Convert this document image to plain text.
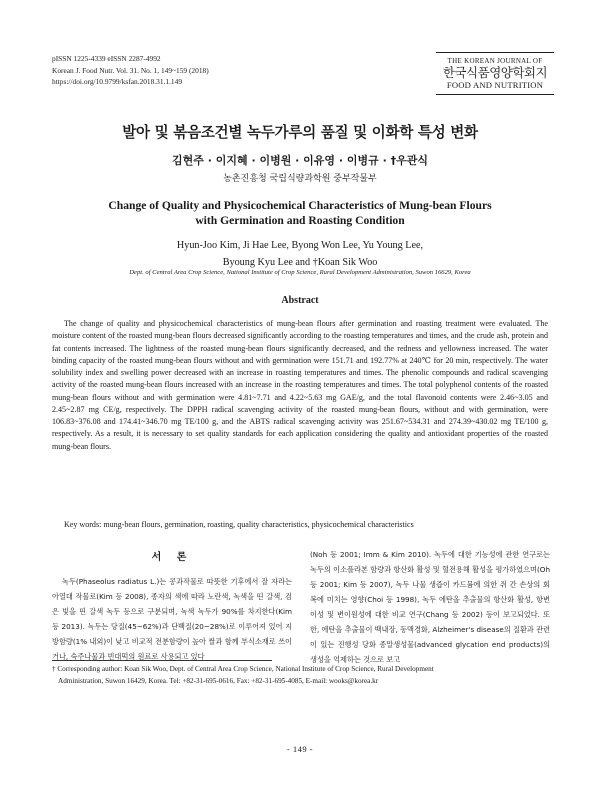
pISSN 1225-4339 eISSN 2287-4992
Korean J. Food Nutr. Vol. 31. No. 1, 149~159 (2018)
https://doi.org/10.9799/ksfan.2018.31.1.149
THE KOREAN JOURNAL OF
한국식품영양학회지
FOOD AND NUTRITION
발아 및 볶음조건별 녹두가루의 품질 및 이화학 특성 변화
김현주 · 이지혜 · 이병원 · 이유영 · 이병규 · †우관식
농촌진흥청 국립식량과학원 중부작물부
Change of Quality and Physicochemical Characteristics of Mung-bean Flours
with Germination and Roasting Condition
Hyun-Joo Kim, Ji Hae Lee, Byong Won Lee, Yu Young Lee,
Byoung Kyu Lee and †Koan Sik Woo
Dept. of Central Area Crop Science, National Institute of Crop Science, Rural Development Administration, Suwon 16629, Korea
Abstract
The change of quality and physicochemical characteristics of mung-bean flours after germination and roasting treatment were evaluated. The moisture content of the roasted mung-bean flours decreased significantly according to the roasting temperatures and times, and the crude ash, protein and fat contents increased. The lightness of the roasted mung-bean flours significantly decreased, and the redness and yellowness increased. The water binding capacity of the roasted mung-bean flours without and with germination were 151.71 and 192.77% at 240℃ for 20 min, respectively. The water solubility index and swelling power decreased with an increase in roasting temperatures and times. The phenolic compounds and radical scavenging activity of the roasted mung-bean flours increased with an increase in the roasting temperatures and times. The total polyphenol contents of the roasted mung-bean flours without and with germination were 4.81~7.71 and 4.22~5.63 mg GAE/g, and the total flavonoid contents were 2.46~3.05 and 2.45~2.87 mg CE/g, respectively. The DPPH radical scavenging activity of the roasted mung-bean flours, without and with germination, were 106.83~376.08 and 174.41~346.70 mg TE/100 g, and the ABTS radical scavenging activity was 251.67~534.31 and 274.39~430.02 mg TE/100 g, respectively. As a result, it is necessary to set quality standards for each application considering the quality and antioxidant properties of the roasted mung-bean flours.
Key words: mung-bean flours, germination, roasting, quality characteristics, physicochemical characteristics
서 론
녹두(Phaseolus radiatus L.)는 콩과작물로 따뜻한 기후에서 잘 자라는 아열대 작물로(Kim 등 2008), 종자의 색에 따라 노란색, 녹색을 띤 갈색, 검은 빛을 띤 갈색 녹두 등으로 구분되며, 녹색 녹두가 90%를 차지한다(Kim 등 2013). 녹두는 당질(45~62%)과 단백질(20~28%)로 이루어져 있어 지방함량(1% 내외)이 낮고 비교적 전분함량이 높아 쌀과 함께 부식소재로 쓰이거나, 숙주나물과 빈대떡의 원료로 사용되고 있다
(Noh 등 2001; Imm & Kim 2010). 녹두에 대한 기능성에 관한 연구로는 녹두의 이소플라본 함량과 항산화 활성 및 혈전용해 활성을 평가하였으며(Oh 등 2001; Kim 등 2007), 녹두 나물 생즙이 카드뮴에 의한 쥐 간 손상의 회복에 미치는 영향(Choi 등 1998), 녹두 에탄올 추출물의 항산화 활성, 항변이성 및 변이원성에 대한 비교 연구(Chang 등 2002) 등이 보고되었다. 또한, 에탄올 추출물이 백내장, 동맥경화, Alzheimer's disease의 질환과 관련이 있는 진행성 당화 종말생성물(advanced glycation end products)의 생성을 억제하는 것으로 보고
† Corresponding author: Koan Sik Woo, Dept. of Central Area Crop Science, National Institute of Crop Science, Rural Development
Administration, Suwon 16429, Korea. Tel: +82-31-695-0616, Fax: +82-31-695-4085, E-mail: wooks@korea.kr
- 149 -
